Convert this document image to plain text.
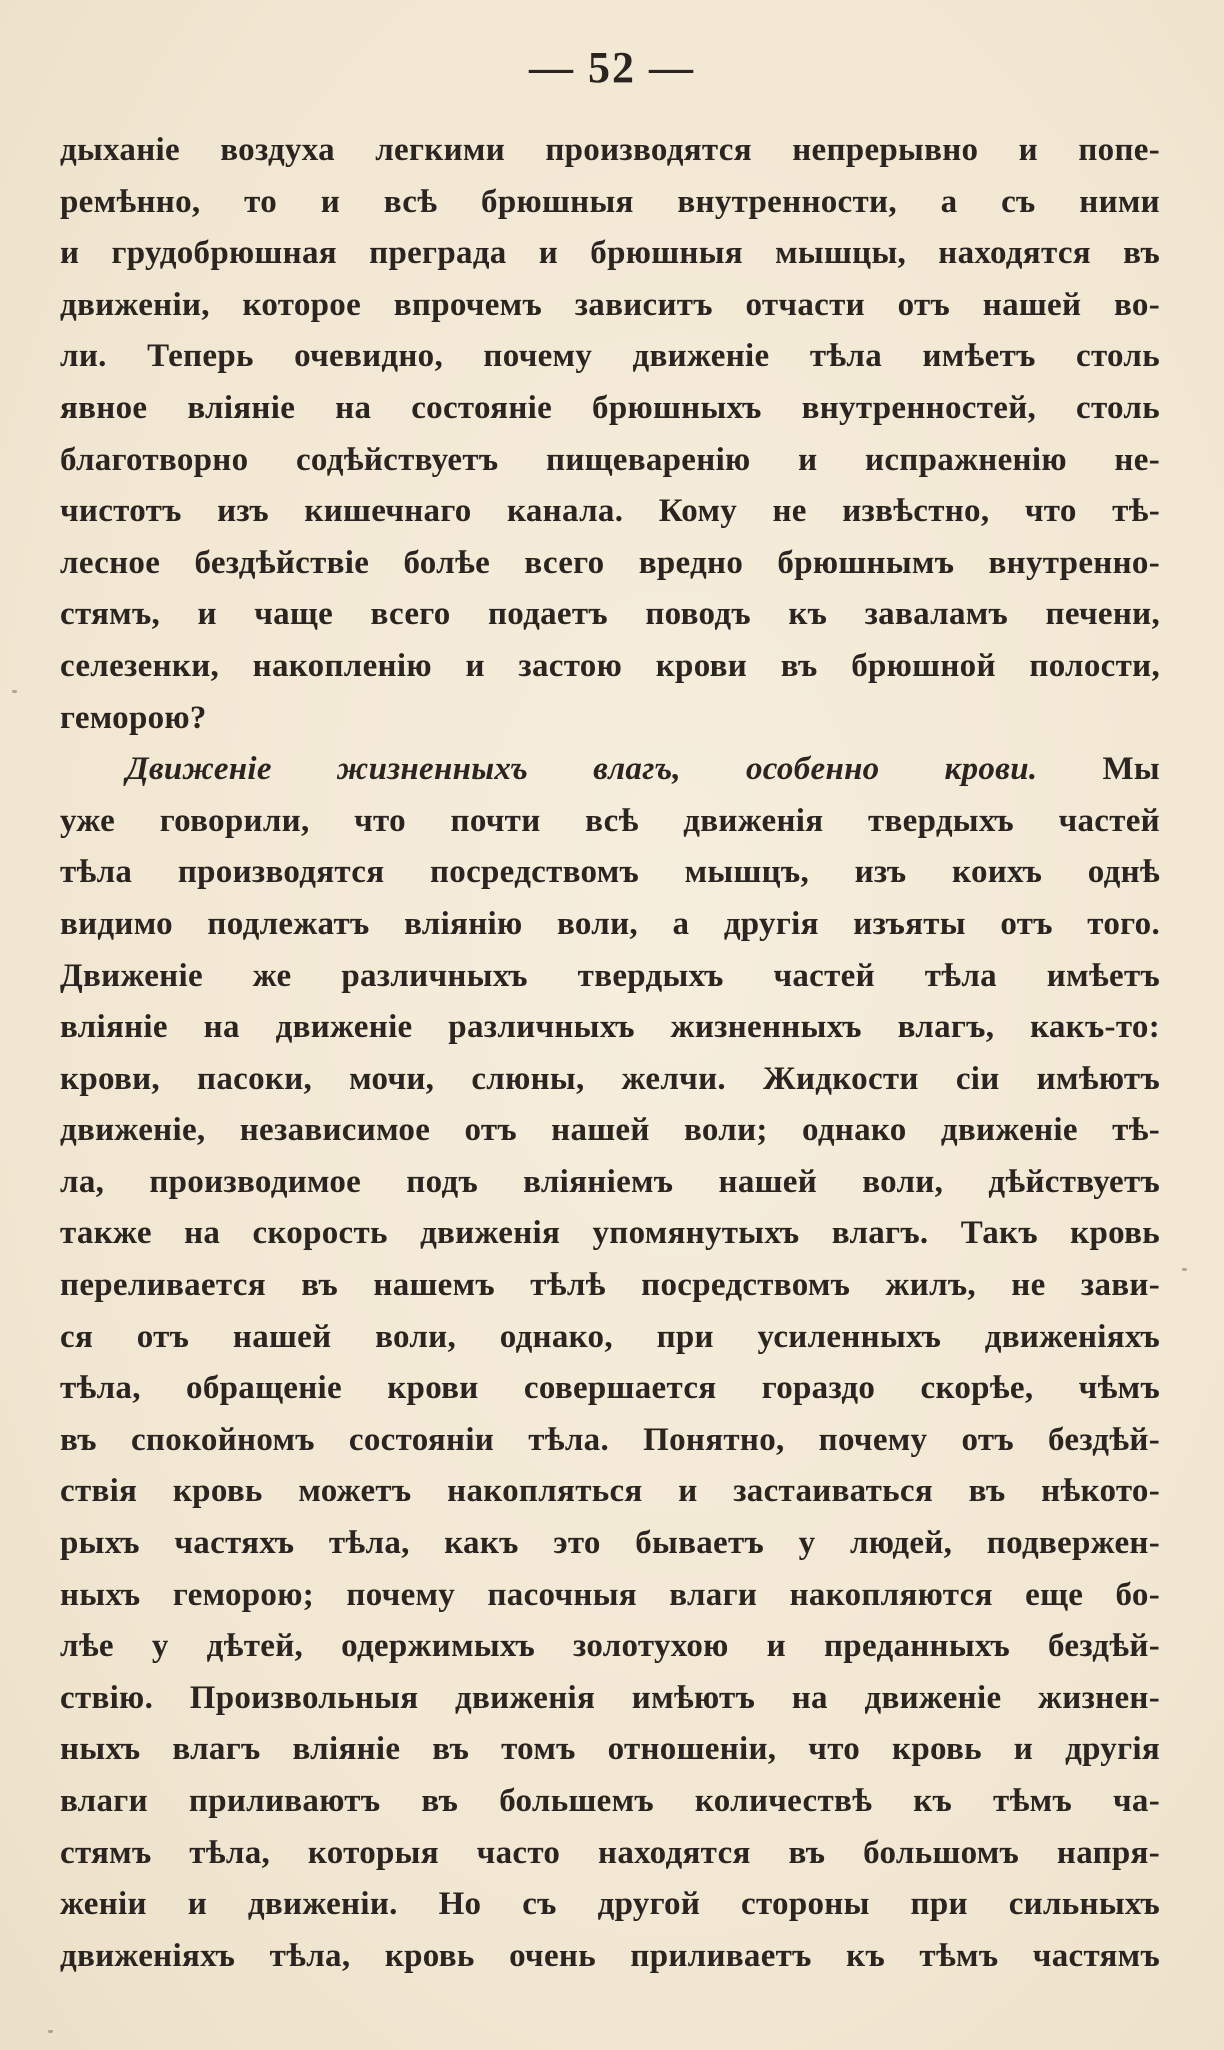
— 52 —
дыханіе воздуха легкими производятся непрерывно и попе-
ремѣнно, то и всѣ брюшныя внутренности, а съ ними
и грудобрюшная преграда и брюшныя мышцы, находятся въ
движеніи, которое впрочемъ зависитъ отчасти отъ нашей во-
ли. Теперь очевидно, почему движеніе тѣла имѣетъ столь
явное вліяніе на состояніе брюшныхъ внутренностей, столь
благотворно содѣйствуетъ пищеваренію и испражненію не-
чистотъ изъ кишечнаго канала. Кому не извѣстно, что тѣ-
лесное бездѣйствіе болѣе всего вредно брюшнымъ внутренно-
стямъ, и чаще всего подаетъ поводъ къ заваламъ печени,
селезенки, накопленію и застою крови въ брюшной полости,
геморою?
Движеніе жизненныхъ влагъ, особенно крови. Мы
уже говорили, что почти всѣ движенія твердыхъ частей
тѣла производятся посредствомъ мышцъ, изъ коихъ однѣ
видимо подлежатъ вліянію воли, а другія изъяты отъ того.
Движеніе же различныхъ твердыхъ частей тѣла имѣетъ
вліяніе на движеніе различныхъ жизненныхъ влагъ, какъ-то:
крови, пасоки, мочи, слюны, желчи. Жидкости сіи имѣютъ
движеніе, независимое отъ нашей воли; однако движеніе тѣ-
ла, производимое подъ вліяніемъ нашей воли, дѣйствуетъ
также на скорость движенія упомянутыхъ влагъ. Такъ кровь
переливается въ нашемъ тѣлѣ посредствомъ жилъ, не зави-
ся отъ нашей воли, однако, при усиленныхъ движеніяхъ
тѣла, обращеніе крови совершается гораздо скорѣе, чѣмъ
въ спокойномъ состояніи тѣла. Понятно, почему отъ бездѣй-
ствія кровь можетъ накопляться и застаиваться въ нѣкото-
рыхъ частяхъ тѣла, какъ это бываетъ у людей, подвержен-
ныхъ геморою; почему пасочныя влаги накопляются еще бо-
лѣе у дѣтей, одержимыхъ золотухою и преданныхъ бездѣй-
ствію. Произвольныя движенія имѣютъ на движеніе жизнен-
ныхъ влагъ вліяніе въ томъ отношеніи, что кровь и другія
влаги приливаютъ въ большемъ количествѣ къ тѣмъ ча-
стямъ тѣла, которыя часто находятся въ большомъ напря-
женіи и движеніи. Но съ другой стороны при сильныхъ
движеніяхъ тѣла, кровь очень приливаетъ къ тѣмъ частямъ
